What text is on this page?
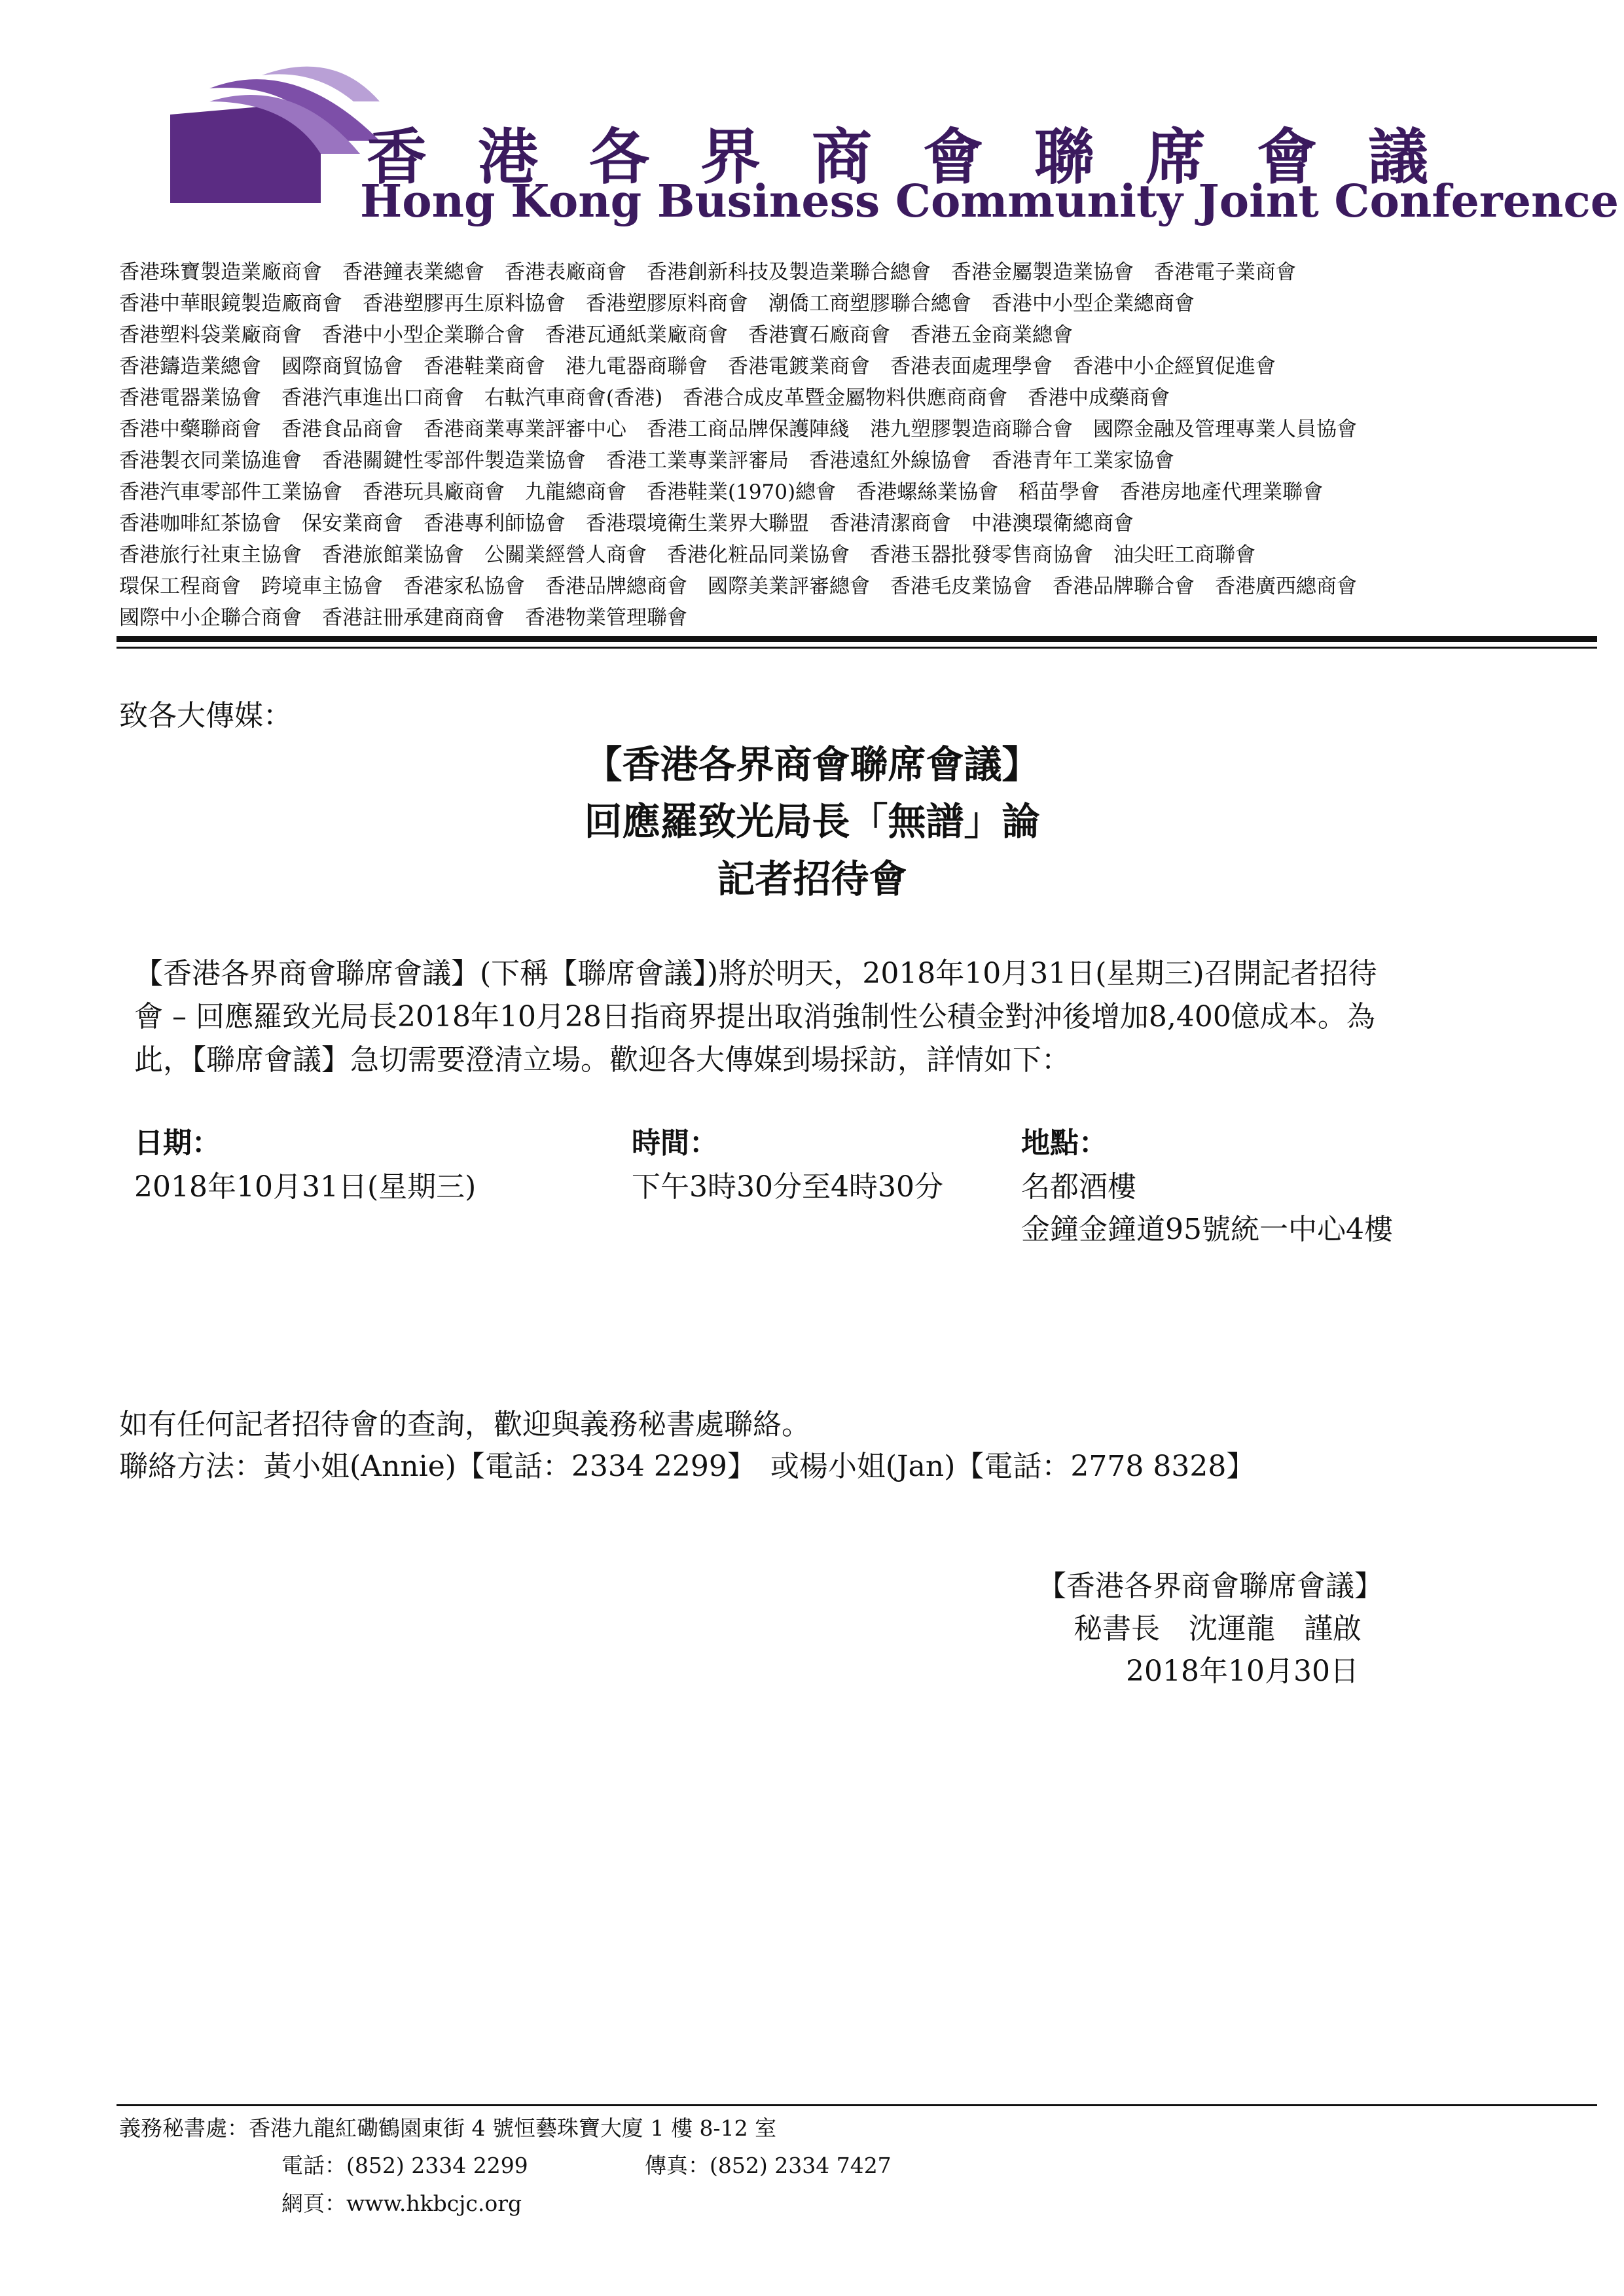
香港各界商會聯席會議
Hong Kong Business Community Joint Conference
香港珠寶製造業廠商會　香港鐘表業總會　香港表廠商會　香港創新科技及製造業聯合總會　香港金屬製造業協會　香港電子業商會
香港中華眼鏡製造廠商會　香港塑膠再生原料協會　香港塑膠原料商會　潮僑工商塑膠聯合總會　香港中小型企業總商會
香港塑料袋業廠商會　香港中小型企業聯合會　香港瓦通紙業廠商會　香港寶石廠商會　香港五金商業總會
香港鑄造業總會　國際商貿協會　香港鞋業商會　港九電器商聯會　香港電鍍業商會　香港表面處理學會　香港中小企經貿促進會
香港電器業協會　香港汽車進出口商會　右軚汽車商會(香港)　香港合成皮革暨金屬物料供應商商會　香港中成藥商會
香港中藥聯商會　香港食品商會　香港商業專業評審中心　香港工商品牌保護陣綫　港九塑膠製造商聯合會　國際金融及管理專業人員協會
香港製衣同業協進會　香港關鍵性零部件製造業協會　香港工業專業評審局　香港遠紅外線協會　香港青年工業家協會
香港汽車零部件工業協會　香港玩具廠商會　九龍總商會　香港鞋業(1970)總會　香港螺絲業協會　稻苗學會　香港房地產代理業聯會
香港咖啡紅茶協會　保安業商會　香港專利師協會　香港環境衛生業界大聯盟　香港清潔商會　中港澳環衛總商會
香港旅行社東主協會　香港旅館業協會　公關業經營人商會　香港化粧品同業協會　香港玉器批發零售商協會　油尖旺工商聯會
環保工程商會　跨境車主協會　香港家私協會　香港品牌總商會　國際美業評審總會　香港毛皮業協會　香港品牌聯合會　香港廣西總商會
國際中小企聯合商會　香港註冊承建商商會　香港物業管理聯會
致各大傳媒：
【香港各界商會聯席會議】
回應羅致光局長「無譜」論
記者招待會
【香港各界商會聯席會議】(下稱【聯席會議】)將於明天，2018年10月31日(星期三)召開記者招待
會 – 回應羅致光局長2018年10月28日指商界提出取消強制性公積金對沖後增加8,400億成本。為
此，【聯席會議】急切需要澄清立場。歡迎各大傳媒到場採訪，詳情如下：
日期：
2018年10月31日(星期三)
時間：
下午3時30分至4時30分
地點：
名都酒樓
金鐘金鐘道95號統一中心4樓
如有任何記者招待會的查詢，歡迎與義務秘書處聯絡。
聯絡方法：黃小姐(Annie)【電話：2334 2299】　或楊小姐(Jan)【電話：2778 8328】
【香港各界商會聯席會議】
秘書長　沈運龍　謹啟
2018年10月30日
義務秘書處：香港九龍紅磡鶴園東街 4 號恒藝珠寶大廈 1 樓 8-12 室
電話：(852) 2334 2299	傳真：(852) 2334 7427
網頁：www.hkbcjc.org
